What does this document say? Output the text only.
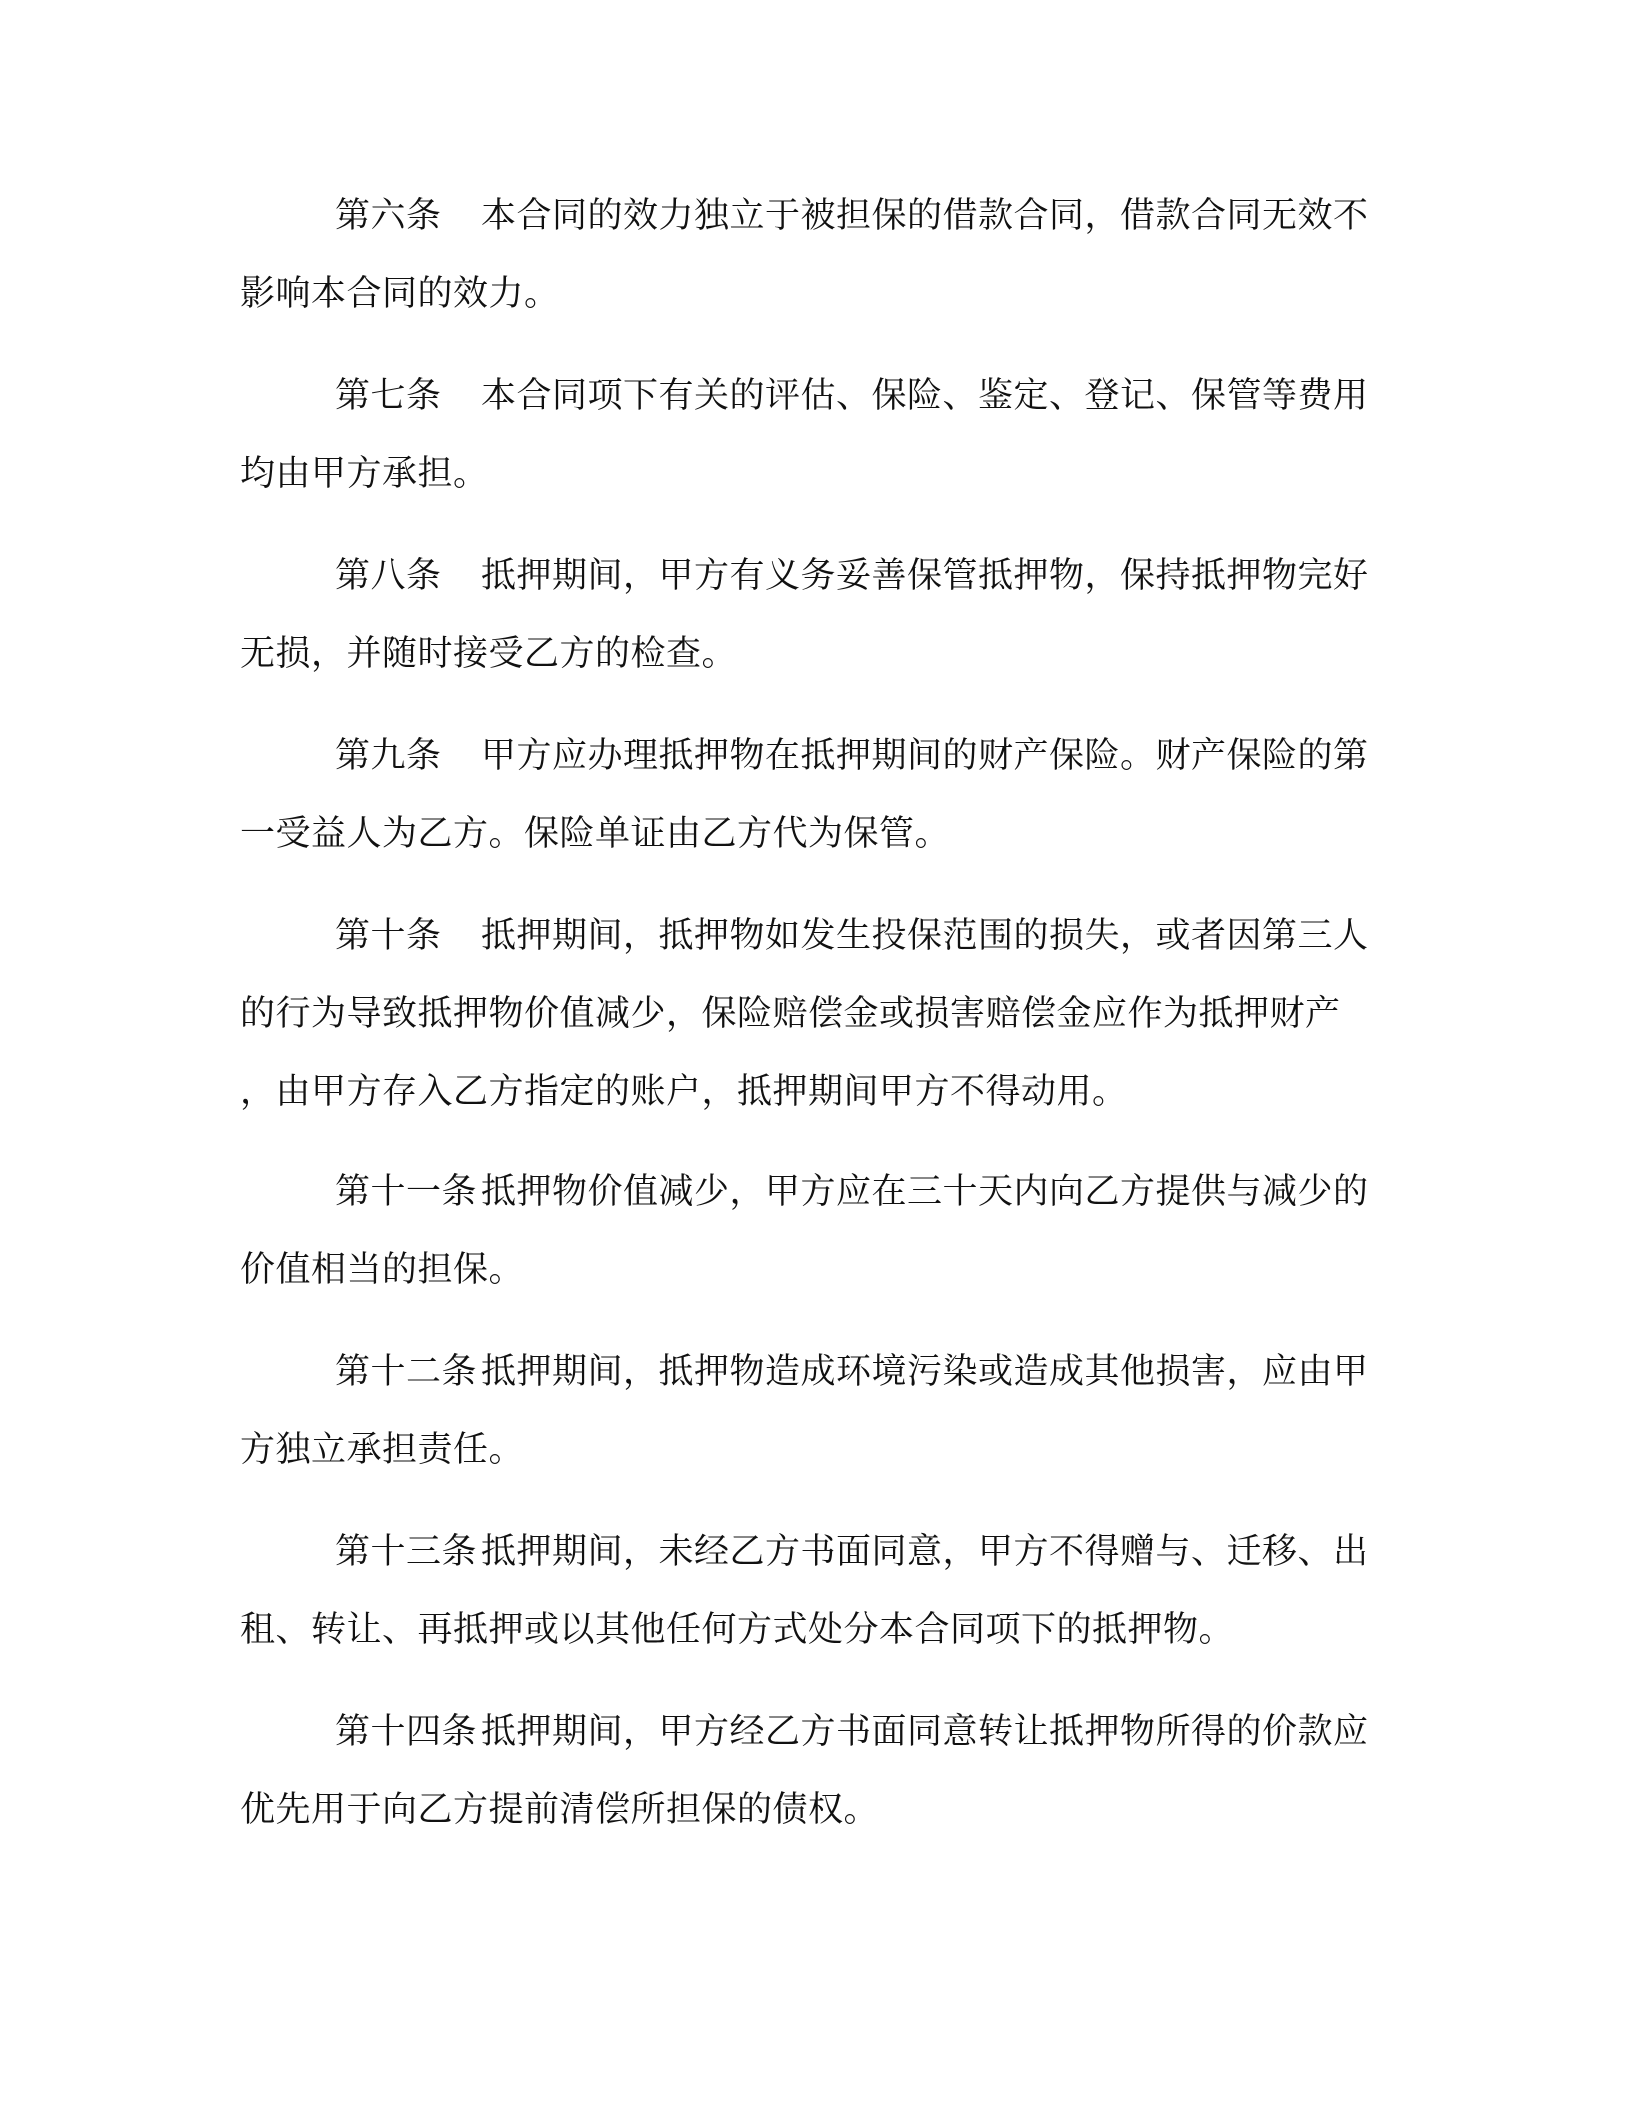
第六条 本合同的效力独立于被担保的借款合同，借款合同无效不影响本合同的效力。

第七条 本合同项下有关的评估、保险、鉴定、登记、保管等费用均由甲方承担。

第八条 抵押期间，甲方有义务妥善保管抵押物，保持抵押物完好无损，并随时接受乙方的检查。

第九条 甲方应办理抵押物在抵押期间的财产保险。财产保险的第一受益人为乙方。保险单证由乙方代为保管。

第十条 抵押期间，抵押物如发生投保范围的损失，或者因第三人的行为导致抵押物价值减少，保险赔偿金或损害赔偿金应作为抵押财产，由甲方存入乙方指定的账户，抵押期间甲方不得动用。

第十一条 抵押物价值减少，甲方应在三十天内向乙方提供与减少的价值相当的担保。

第十二条 抵押期间，抵押物造成环境污染或造成其他损害，应由甲方独立承担责任。

第十三条 抵押期间，未经乙方书面同意，甲方不得赠与、迁移、出租、转让、再抵押或以其他任何方式处分本合同项下的抵押物。

第十四条 抵押期间，甲方经乙方书面同意转让抵押物所得的价款应优先用于向乙方提前清偿所担保的债权。
